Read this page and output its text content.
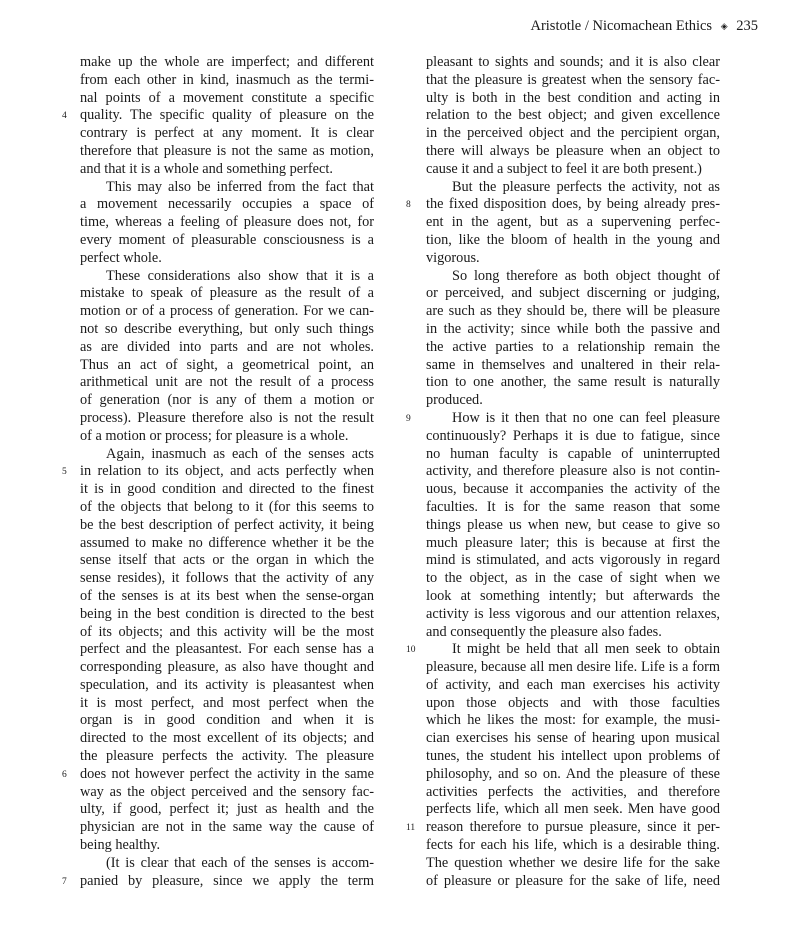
Aristotle / Nicomachean Ethics ◈ 235
make up the whole are imperfect; and different
from each other in kind, inasmuch as the termi-
nal points of a movement constitute a specific
4 quality. The specific quality of pleasure on the
contrary is perfect at any moment. It is clear
therefore that pleasure is not the same as motion,
and that it is a whole and something perfect.
This may also be inferred from the fact that
a movement necessarily occupies a space of
time, whereas a feeling of pleasure does not, for
every moment of pleasurable consciousness is a
perfect whole.
These considerations also show that it is a
mistake to speak of pleasure as the result of a
motion or of a process of generation. For we can-
not so describe everything, but only such things
as are divided into parts and are not wholes.
Thus an act of sight, a geometrical point, an
arithmetical unit are not the result of a process
of generation (nor is any of them a motion or
process). Pleasure therefore also is not the result
of a motion or process; for pleasure is a whole.
Again, inasmuch as each of the senses acts
5 in relation to its object, and acts perfectly when
it is in good condition and directed to the finest
of the objects that belong to it (for this seems to
be the best description of perfect activity, it being
assumed to make no difference whether it be the
sense itself that acts or the organ in which the
sense resides), it follows that the activity of any
of the senses is at its best when the sense-organ
being in the best condition is directed to the best
of its objects; and this activity will be the most
perfect and the pleasantest. For each sense has a
corresponding pleasure, as also have thought and
speculation, and its activity is pleasantest when
it is most perfect, and most perfect when the
organ is in good condition and when it is
directed to the most excellent of its objects; and
the pleasure perfects the activity. The pleasure
6 does not however perfect the activity in the same
way as the object perceived and the sensory fac-
ulty, if good, perfect it; just as health and the
physician are not in the same way the cause of
being healthy.
(It is clear that each of the senses is accom-
7 panied by pleasure, since we apply the term
pleasant to sights and sounds; and it is also clear
that the pleasure is greatest when the sensory fac-
ulty is both in the best condition and acting in
relation to the best object; and given excellence
in the perceived object and the percipient organ,
there will always be pleasure when an object to
cause it and a subject to feel it are both present.)
But the pleasure perfects the activity, not as
8	the fixed disposition does, by being already pres-
ent in the agent, but as a supervening perfec-
tion, like the bloom of health in the young and
vigorous.
So long therefore as both object thought of
or perceived, and subject discerning or judging,
are such as they should be, there will be pleasure
in the activity; since while both the passive and
the active parties to a relationship remain the
same in themselves and unaltered in their rela-
tion to one another, the same result is naturally
produced.
9	How is it then that no one can feel pleasure
continuously? Perhaps it is due to fatigue, since
no human faculty is capable of uninterrupted
activity, and therefore pleasure also is not contin-
uous, because it accompanies the activity of the
faculties. It is for the same reason that some
things please us when new, but cease to give so
much pleasure later; this is because at first the
mind is stimulated, and acts vigorously in regard
to the object, as in the case of sight when we
look at something intently; but afterwards the
activity is less vigorous and our attention relaxes,
and consequently the pleasure also fades.
10	It might be held that all men seek to obtain
pleasure, because all men desire life. Life is a form
of activity, and each man exercises his activity
upon those objects and with those faculties
which he likes the most: for example, the musi-
cian exercises his sense of hearing upon musical
tunes, the student his intellect upon problems of
philosophy, and so on. And the pleasure of these
activities perfects the activities, and therefore
perfects life, which all men seek. Men have good
11 reason therefore to pursue pleasure, since it per-
fects for each his life, which is a desirable thing.
The question whether we desire life for the sake
of pleasure or pleasure for the sake of life, need
